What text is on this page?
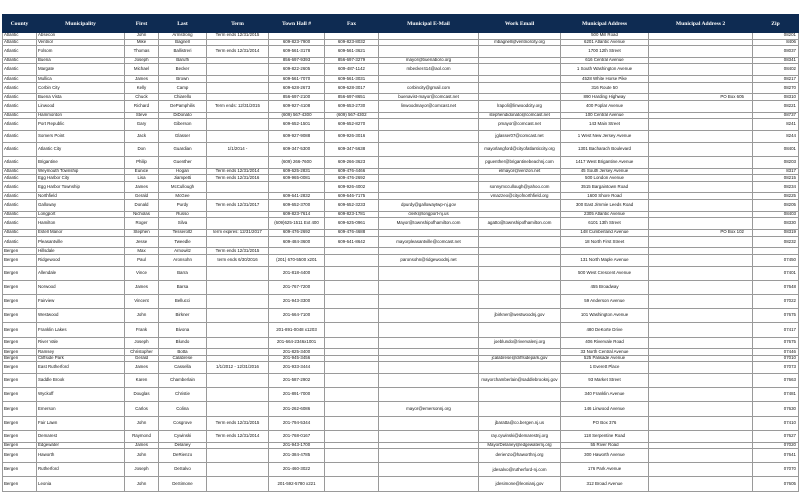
County	Municipality	First	Last	Term	Town Hall #	Fax	Municipal E-Mail	Work Email	Municipal Address	Municipal Address 2	Zip
Atlantic	Absecon	John	Armstrong	Term ends 12/31/2015					500 Mill Road		08201
Atlantic	Ventnor	Mike	Bagnell		609-823-7900	609-823-8032		mbagnell@ventnorcity.org	6201 Atlantic Avenue		8406
Atlantic	Folsom	Thomas	Ballistreri	Term ends 12/31/2014	609-561-3178	609-561-3621			1700 12th Street		08037
Atlantic	Buena	Joseph	Baruffi		856-697-9393	856-697-3279	mayor@buenaboro.org		616 Central Avenue		08341
Atlantic	Margate	Michael	Becker		609-822-2605	609-487-1142	mbecker414@aol.com		1 South Washington Avenue		08402
Atlantic	Mullica	James	Brown		609-561-7070	609-561-3031			4528 White Horse Pike		08217
Atlantic	Corbin City	Kelly	Camp		609-628-2673	609-628-3017	corbincity@gmail.com		316 Route 50		08270
Atlantic	Buena Vista	Chuck	Chiarello		856-697-2100	856-697-8651	buenavist-mayor@comcast.net		890 Harding Highway	PO Box 605	08310
Atlantic	Linwood	Richard	DePamphilis	Term ends: 12/31/2015	609-927-4108	609-653-2730	linwoodmayor@comcast.net	lrapoli@linwoodcity.org	400 Poplar Avenue		08221
Atlantic	Hammonton	Steve	DiDonato		(609) 567-4300	(609) 567-4302		stephendidonato@comcast.net	100 Central Avenue		08737
Atlantic	Port Republic	Gary	Giberson		609-652-1501	609-652-8270		pmayor@comcast.net	143 Main Street		8241
Atlantic	Somers Point	Jack	Glasser		609-927-9088	609-926-3016		jglasser07@comcast.net	1 West New Jersey Avenue		8244
Atlantic	Atlantic City	Don	Guardian	1/1/2014 -	609-347-5300	609-347-5638		mayorlangford@cityofatlanticcity.org	1301 Bacharach Boulevard		08401
Atlantic	Brigantine	Philip	Guenther		(609) 266-7600	609-266-3623		pguenther@brigantinebeachnj.com	1417 West Brigantine Avenue		08203
Atlantic	Weymouth Township	Eunice	Hogan	Term ends 12/31/2014	609-625-2831	609-476-4466		elmayor@verizon.net	45 South Jersey Avenue		8317
Atlantic	Egg Harbor City	Lisa	Jiampetti	Term ends 12/31/2016	609-965-0081	609-476-2692			500 London Avenue		08215
Atlantic	Egg Harbor Township	James	McCullough			609-926-4002		sonnymccullough@yahoo.com	3515 Bargaintown Road		08234
Atlantic	Northfield	Gerald	McGee		609-641-2832	609-646-7175		vmazzeo@cityofnorthfield.org	1600 Shore Road		08225
Atlantic	Galloway	Donald	Purdy	Term ends 12/31/2017	609-652-3700	609-652-3233	dpurdy@gallowaytwp-nj.gov		300 East Jimmie Leeds Road		08205
Atlantic	Longport	Nicholas	Russo		609-823-7614	609-823-1781	clerk@longport-nj.us		2305 Atlantic Avenue		08403
Atlantic	Hamilton	Roger	Silva		(609)625-1511 Ext 400	609-625-0961	Mayor@townshipofhamilton.com	agatto@townshipofhamilton.com	6101 13th Street		08330
Atlantic	Estell Manor	Stephen	Tesseroltz	term expires: 12/31/2017	609-476-2692	609-476-4688			148 Cumberland Avenue	PO Box 102	08319
Atlantic	Pleasantville	Jesse	Tweedle		609-484-3600	609-641-8642	mayorpleasantville@comcast.net		18 North First Street		08232
Bergen	Hillsdale	Max	Arnowitz	Term ends 12/31/2015							
Bergen	Ridgewood	Paul	Aronsohn	term ends 6/30/2016	(201) 670-5500 x201		paronsohn@ridgewoodnj.net		131 North Maple Avenue		07450
Bergen	Allendale	Vince	Barra		201-818-4400				500 West Crescent Avenue		07401
Bergen	Norwood	James	Barsa		201-767-7200				455 Broadway		07648
Bergen	Fairview	Vincent	Bellucci		201-943-3300				59 Anderson Avenue		07022
Bergen	Westwood	John	Birkner		201-664-7100			jbirkner@westwoodnj.gov	101 Washington Avenue		07675
Bergen	Franklin Lakes	Frank	Bivona		201-891-0048 x1203				480 DeKorte Drive		07417
Bergen	River Vale	Joseph	Blundo		201-664-2346x1001			joeblundo@rivervalenj.org	406 Rivervale Road		07675
Bergen	Ramsey	Christopher	Botta		201-825-3400				33 North Central Avenue		07446
Bergen	Cliffside Park	Gerald	Calabrese		201-945-3456			jcalabrese@cliffsidepark.gov	525 Palisade Avenue		07010
Bergen	East Rutherford	James	Cassella	1/1/2012 - 12/31/2016	201-933-3444				1 Everett Place		07073
Bergen	Saddle Brook	Karen	Chamberlain		201-587-2902			mayorchamberlain@saddlebrooknj.gov	93 Market Street		07663
Bergen	Wyckoff	Douglas	Christie		201-891-7000				340 Franklin Avenue		07481
Bergen	Emerson	Carlos	Colina		201-262-6086		mayor@emersonnj.org		146 Linwood Avenue		07630
Bergen	Fair Lawn	John	Cosgrove	Term ends 12/31/2015	201-794-5344			jbaratta@co.bergen.nj.us	PO Box 376		07410
Bergen	Demarest	Raymond	Cywinski	Term ends 12/31/2014	201-768-0167			ray.cywinski@demarestnj.org	118 Serpentine Road		07627
Bergen	Edgewater	James	Delaney		201-943-1700			MayorDelaney@edgewaternj.org	55 River Road		07020
Bergen	Haworth	John	DeRienzo		201-384-4785			derienzo@haworthnj.org	300 Haworth Avenue		07641
Bergen	Rutherford	Joseph	DeSalvo		201-460-3022			jdesalvo@rutherford-nj.com	176 Park Avenue		07070
Bergen	Leonia	John	DeSimone		201-592-5780 x221			jdesimone@leonianj.gov	312 Broad Avenue		07605
